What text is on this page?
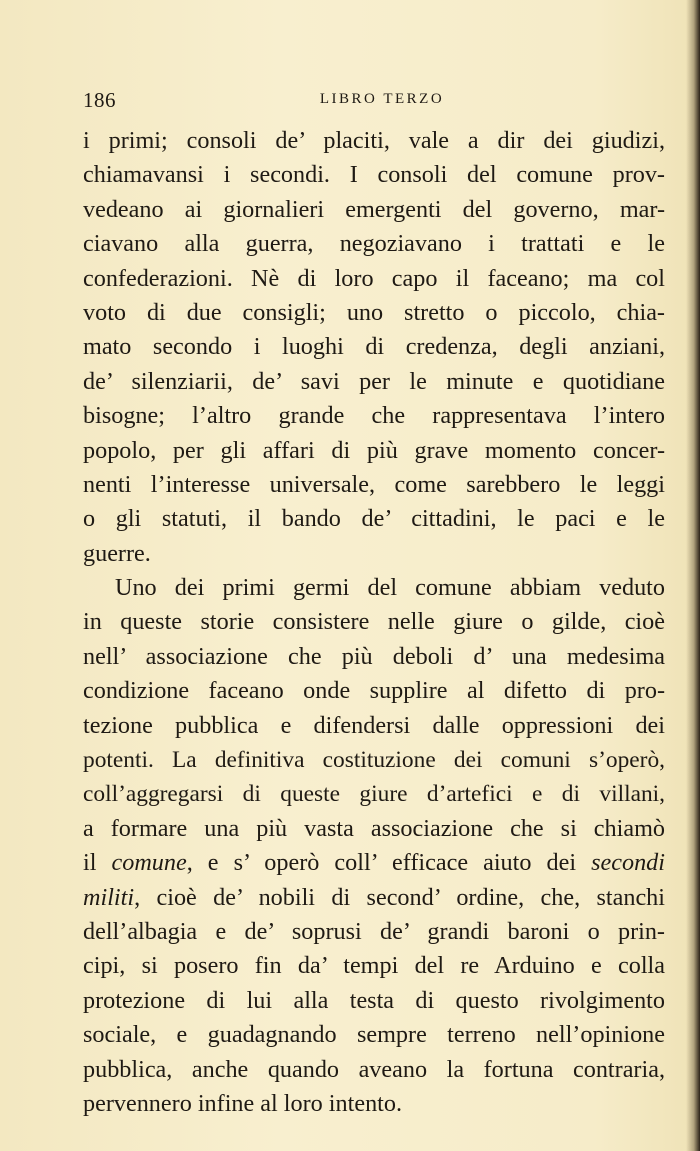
186	LIBRO TERZO
i primi; consoli de’ placiti, vale a dir dei giudizi,
chiamavansi i secondi. I consoli del comune prov-
vedeano ai giornalieri emergenti del governo, mar-
ciavano alla guerra, negoziavano i trattati e le
confederazioni. Nè di loro capo il faceano; ma col
voto di due consigli; uno stretto o piccolo, chia-
mato secondo i luoghi di credenza, degli anziani,
de’ silenziarii, de’ savi per le minute e quotidiane
bisogne; l’altro grande che rappresentava l’intero
popolo, per gli affari di più grave momento concer-
nenti l’interesse universale, come sarebbero le leggi
o gli statuti, il bando de’ cittadini, le paci e le
guerre.
Uno dei primi germi del comune abbiam veduto
in queste storie consistere nelle giure o gilde, cioè
nell’ associazione che più deboli d’ una medesima
condizione faceano onde supplire al difetto di pro-
tezione pubblica e difendersi dalle oppressioni dei
potenti. La definitiva costituzione dei comuni s’operò,
coll’aggregarsi di queste giure d’artefici e di villani,
a formare una più vasta associazione che si chiamò
il comune, e s’ operò coll’ efficace aiuto dei secondi
militi, cioè de’ nobili di second’ ordine, che, stanchi
dell’albagia e de’ soprusi de’ grandi baroni o prin-
cipi, si posero fin da’ tempi del re Arduino e colla
protezione di lui alla testa di questo rivolgimento
sociale, e guadagnando sempre terreno nell’opinione
pubblica, anche quando aveano la fortuna contraria,
pervennero infine al loro intento.
